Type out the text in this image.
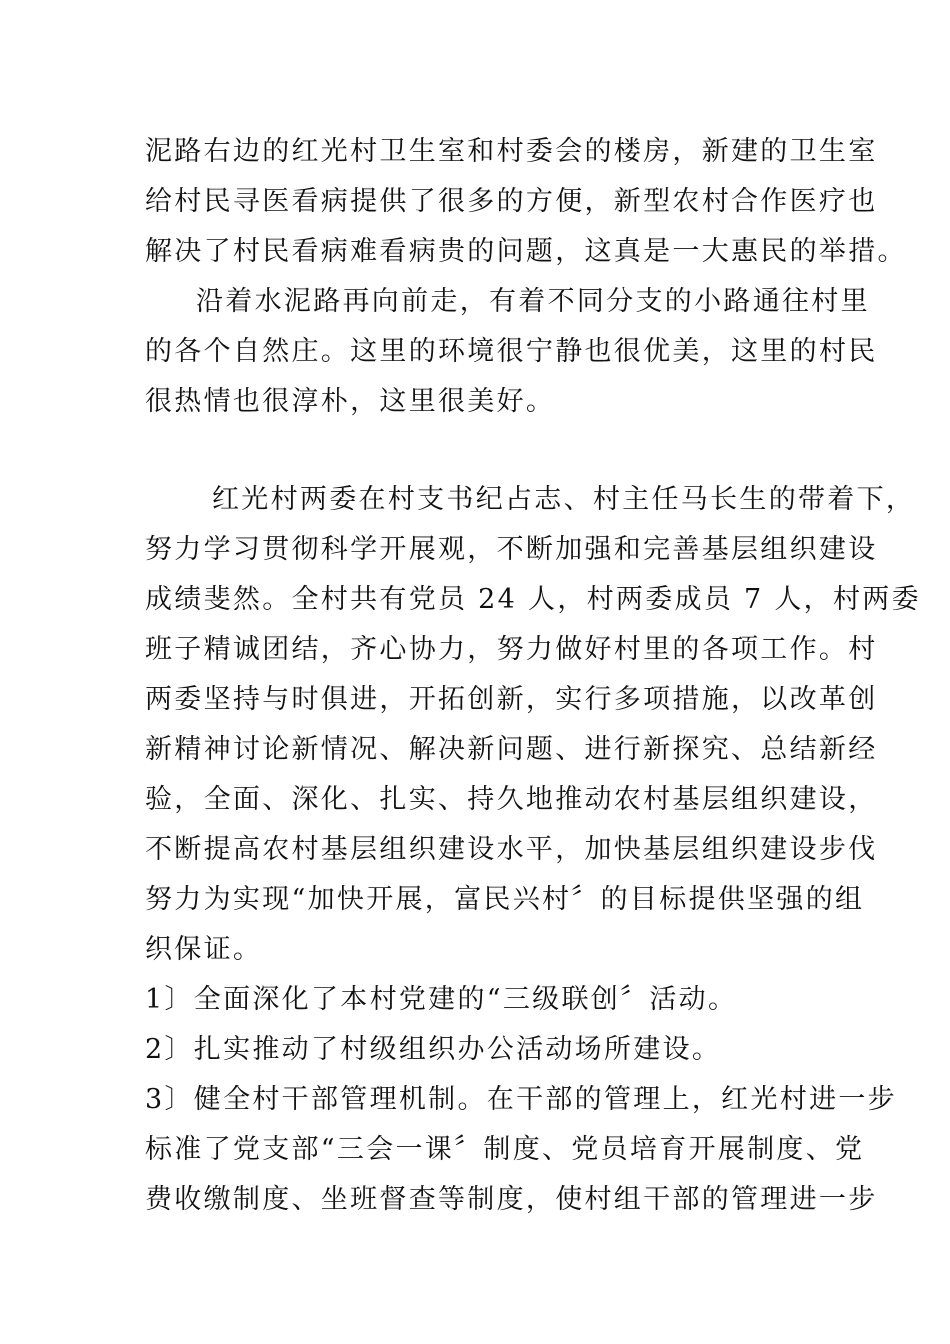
泥路右边的红光村卫生室和村委会的楼房，新建的卫生室
给村民寻医看病提供了很多的方便，新型农村合作医疗也
解决了村民看病难看病贵的问题，这真是一大惠民的举措。
沿着水泥路再向前走，有着不同分支的小路通往村里
的各个自然庄。这里的环境很宁静也很优美，这里的村民
很热情也很淳朴，这里很美好。
红光村两委在村支书纪占志、村主任马长生的带着下，
努力学习贯彻科学开展观，不断加强和完善基层组织建设
成绩斐然。全村共有党员 24 人，村两委成员 7 人，村两委
班子精诚团结，齐心协力，努力做好村里的各项工作。村
两委坚持与时俱进，开拓创新，实行多项措施，以改革创
新精神讨论新情况、解决新问题、进行新探究、总结新经
验，全面、深化、扎实、持久地推动农村基层组织建设，
不断提高农村基层组织建设水平，加快基层组织建设步伐
努力为实现“加快开展，富民兴村〞的目标提供坚强的组
织保证。
1〕全面深化了本村党建的“三级联创〞活动。
2〕扎实推动了村级组织办公活动场所建设。
3〕健全村干部管理机制。在干部的管理上，红光村进一步
标准了党支部“三会一课〞制度、党员培育开展制度、党
费收缴制度、坐班督查等制度，使村组干部的管理进一步
